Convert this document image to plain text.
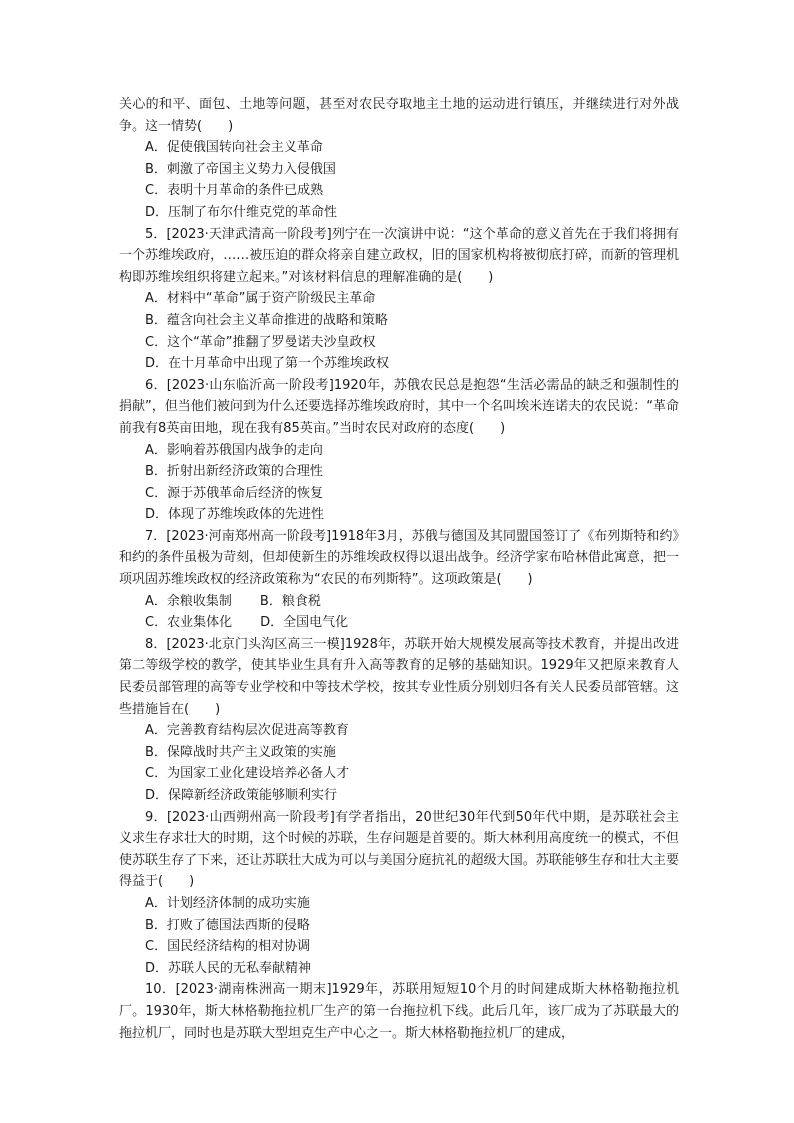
关心的和平、面包、土地等问题，甚至对农民夺取地主土地的运动进行镇压，并继续进行对外战争。这一情势(　　)

A．促使俄国转向社会主义革命

B．刺激了帝国主义势力入侵俄国

C．表明十月革命的条件已成熟

D．压制了布尔什维克党的革命性

5．[2023·天津武清高一阶段考]列宁在一次演讲中说：“这个革命的意义首先在于我们将拥有一个苏维埃政府，……被压迫的群众将亲自建立政权，旧的国家机构将被彻底打碎，而新的管理机构即苏维埃组织将建立起来。”对该材料信息的理解准确的是(　　)

A．材料中“革命”属于资产阶级民主革命

B．蕴含向社会主义革命推进的战略和策略

C．这个“革命”推翻了罗曼诺夫沙皇政权

D．在十月革命中出现了第一个苏维埃政权

6．[2023·山东临沂高一阶段考]1920年，苏俄农民总是抱怨“生活必需品的缺乏和强制性的捐献”，但当他们被问到为什么还要选择苏维埃政府时，其中一个名叫埃米连诺夫的农民说：“革命前我有8英亩田地，现在我有85英亩。”当时农民对政府的态度(　　)

A．影响着苏俄国内战争的走向

B．折射出新经济政策的合理性

C．源于苏俄革命后经济的恢复

D．体现了苏维埃政体的先进性

7．[2023·河南郑州高一阶段考]1918年3月，苏俄与德国及其同盟国签订了《布列斯特和约》和约的条件虽极为苛刻，但却使新生的苏维埃政权得以退出战争。经济学家布哈林借此寓意，把一项巩固苏维埃政权的经济政策称为“农民的布列斯特”。这项政策是(　　)

A．余粮收集制 B．粮食税
C．农业集体化 D．全国电气化

8．[2023·北京门头沟区高三一模]1928年，苏联开始大规模发展高等技术教育，并提出改进第二等级学校的教学，使其毕业生具有升入高等教育的足够的基础知识。1929年又把原来教育人民委员部管理的高等专业学校和中等技术学校，按其专业性质分别划归各有关人民委员部管辖。这些措施旨在(　　)

A．完善教育结构层次促进高等教育

B．保障战时共产主义政策的实施

C．为国家工业化建设培养必备人才

D．保障新经济政策能够顺利实行

9．[2023·山西朔州高一阶段考]有学者指出，20世纪30年代到50年代中期，是苏联社会主义求生存求壮大的时期，这个时候的苏联，生存问题是首要的。斯大林利用高度统一的模式，不但使苏联生存了下来，还让苏联壮大成为可以与美国分庭抗礼的超级大国。苏联能够生存和壮大主要得益于(　　)

A．计划经济体制的成功实施

B．打败了德国法西斯的侵略

C．国民经济结构的相对协调

D．苏联人民的无私奉献精神

10．[2023·湖南株洲高一期末]1929年，苏联用短短10个月的时间建成斯大林格勒拖拉机厂。1930年，斯大林格勒拖拉机厂生产的第一台拖拉机下线。此后几年，该厂成为了苏联最大的拖拉机厂，同时也是苏联大型坦克生产中心之一。斯大林格勒拖拉机厂的建成，
